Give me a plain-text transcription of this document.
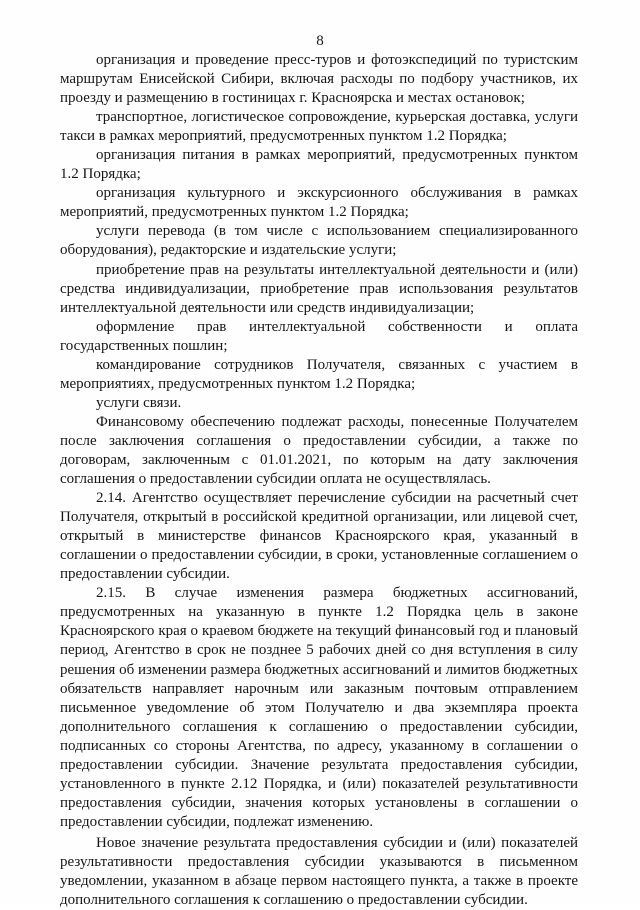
8

организация и проведение пресс-туров и фотоэкспедиций по туристским маршрутам Енисейской Сибири, включая расходы по подбору участников, их проезду и размещению в гостиницах г. Красноярска и местах остановок;

транспортное, логистическое сопровождение, курьерская доставка, услуги такси в рамках мероприятий, предусмотренных пунктом 1.2 Порядка;

организация питания в рамках мероприятий, предусмотренных пунктом 1.2 Порядка;

организация культурного и экскурсионного обслуживания в рамках мероприятий, предусмотренных пунктом 1.2 Порядка;

услуги перевода (в том числе с использованием специализированного оборудования), редакторские и издательские услуги;

приобретение прав на результаты интеллектуальной деятельности и (или) средства индивидуализации, приобретение прав использования результатов интеллектуальной деятельности или средств индивидуализации;

оформление прав интеллектуальной собственности и оплата государственных пошлин;

командирование сотрудников Получателя, связанных с участием в мероприятиях, предусмотренных пунктом 1.2 Порядка;

услуги связи.

Финансовому обеспечению подлежат расходы, понесенные Получателем после заключения соглашения о предоставлении субсидии, а также по договорам, заключенным с 01.01.2021, по которым на дату заключения соглашения о предоставлении субсидии оплата не осуществлялась.

2.14. Агентство осуществляет перечисление субсидии на расчетный счет Получателя, открытый в российской кредитной организации, или лицевой счет, открытый в министерстве финансов Красноярского края, указанный в соглашении о предоставлении субсидии, в сроки, установленные соглашением о предоставлении субсидии.

2.15. В случае изменения размера бюджетных ассигнований, предусмотренных на указанную в пункте 1.2 Порядка цель в законе Красноярского края о краевом бюджете на текущий финансовый год и плановый период, Агентство в срок не позднее 5 рабочих дней со дня вступления в силу решения об изменении размера бюджетных ассигнований и лимитов бюджетных обязательств направляет нарочным или заказным почтовым отправлением письменное уведомление об этом Получателю и два экземпляра проекта дополнительного соглашения к соглашению о предоставлении субсидии, подписанных со стороны Агентства, по адресу, указанному в соглашении о предоставлении субсидии. Значение результата предоставления субсидии, установленного в пункте 2.12 Порядка, и (или) показателей результативности предоставления субсидии, значения которых установлены в соглашении о предоставлении субсидии, подлежат изменению.

Новое значение результата предоставления субсидии и (или) показателей результативности предоставления субсидии указываются в письменном уведомлении, указанном в абзаце первом настоящего пункта, а также в проекте дополнительного соглашения к соглашению о предоставлении субсидии.
